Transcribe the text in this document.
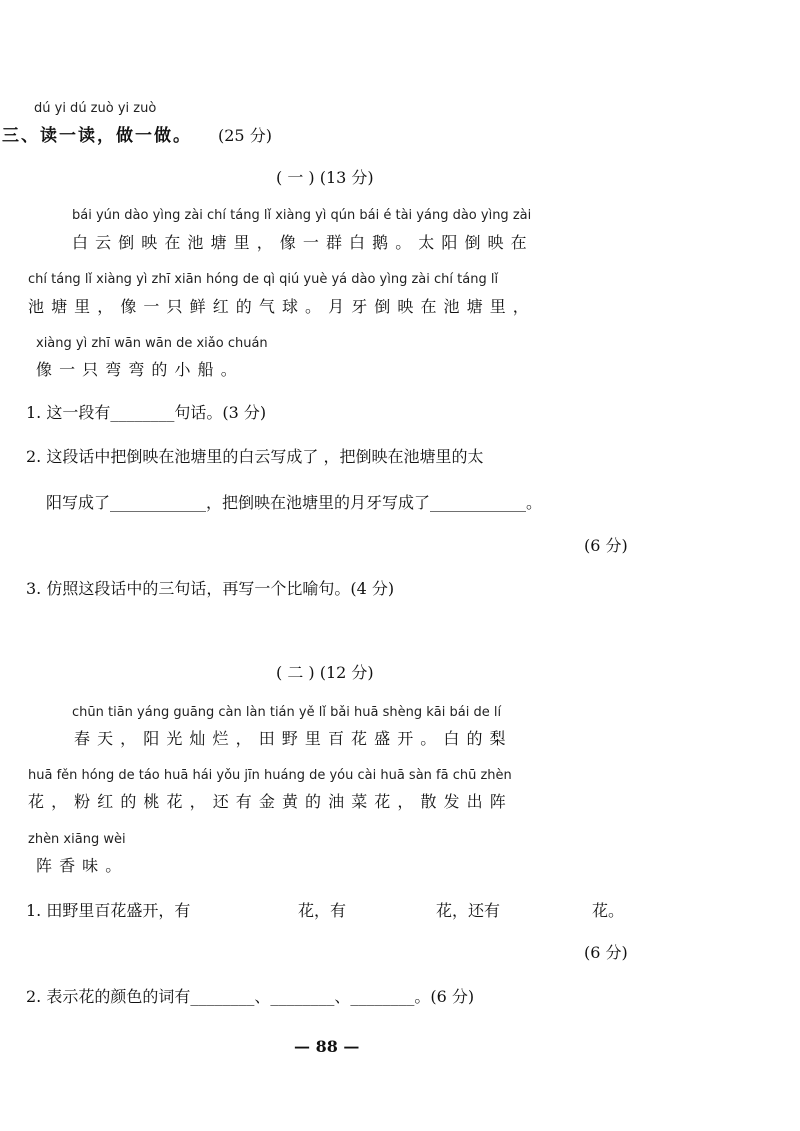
dú yi dú zuò yi zuò
三、读一读，做一做。 (25 分)
( 一 ) (13 分)
bái yún dào yìng zài chí táng lǐ xiàng yì qún bái é tài yáng dào yìng zài
白 云 倒 映 在 池 塘 里 ， 像 一 群 白 鹅 。 太 阳 倒 映 在
chí táng lǐ xiàng yì zhī xiān hóng de qì qiú yuè yá dào yìng zài chí táng lǐ
池 塘 里 ， 像 一 只 鲜 红 的 气 球 。 月 牙 倒 映 在 池 塘 里 ，
xiàng yì zhī wān wān de xiǎo chuán
像 一 只 弯 弯 的 小 船 。
1. 这一段有________句话。(3 分)
2. 这段话中把倒映在池塘里的白云写成了 ，把倒映在池塘里的太
阳写成了____________，把倒映在池塘里的月牙写成了____________。
(6 分)
3. 仿照这段话中的三句话，再写一个比喻句。(4 分)
( 二 ) (12 分)
chūn tiān yáng guāng càn làn tián yě lǐ bǎi huā shèng kāi bái de lí
春 天 ， 阳 光 灿 烂 ， 田 野 里 百 花 盛 开 。 白 的 梨
huā fěn hóng de táo huā hái yǒu jīn huáng de yóu cài huā sàn fā chū zhèn
花 ， 粉 红 的 桃 花 ， 还 有 金 黄 的 油 菜 花 ， 散 发 出 阵
zhèn xiāng wèi
阵 香 味 。
1. 田野里百花盛开，有	花，有	花，还有	花。
(6 分)
2. 表示花的颜色的词有________、________、________。(6 分)
— 88 —
